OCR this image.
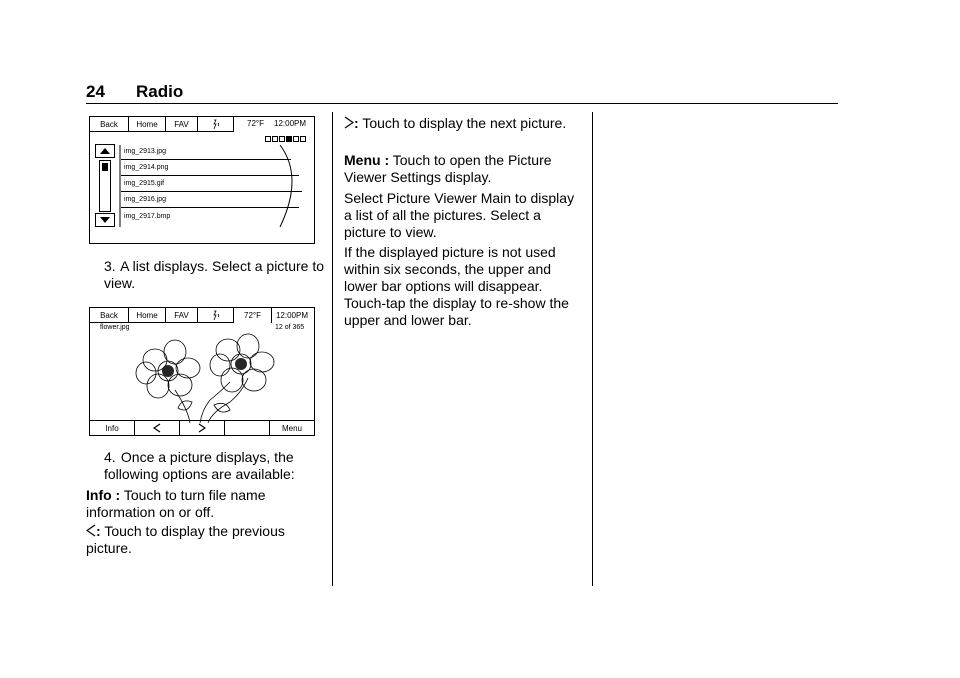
24 Radio
Back	Home	FAV	72°F 12:00PM
img_2913.jpg
img_2914.png
img_2915.gif
img_2916.jpg
img_2917.bmp
3. A list displays. Select a picture to view.
Back	Home	FAV	72°F	12:00PM
flower.jpg	12 of 365
Info	Menu
4. Once a picture displays, the following options are available:
Info : Touch to turn file name information on or off.
: Touch to display the previous picture.
: Touch to display the next picture.
Menu : Touch to open the Picture Viewer Settings display.
Select Picture Viewer Main to display a list of all the pictures. Select a picture to view.
If the displayed picture is not used within six seconds, the upper and lower bar options will disappear. Touch-tap the display to re-show the upper and lower bar.
